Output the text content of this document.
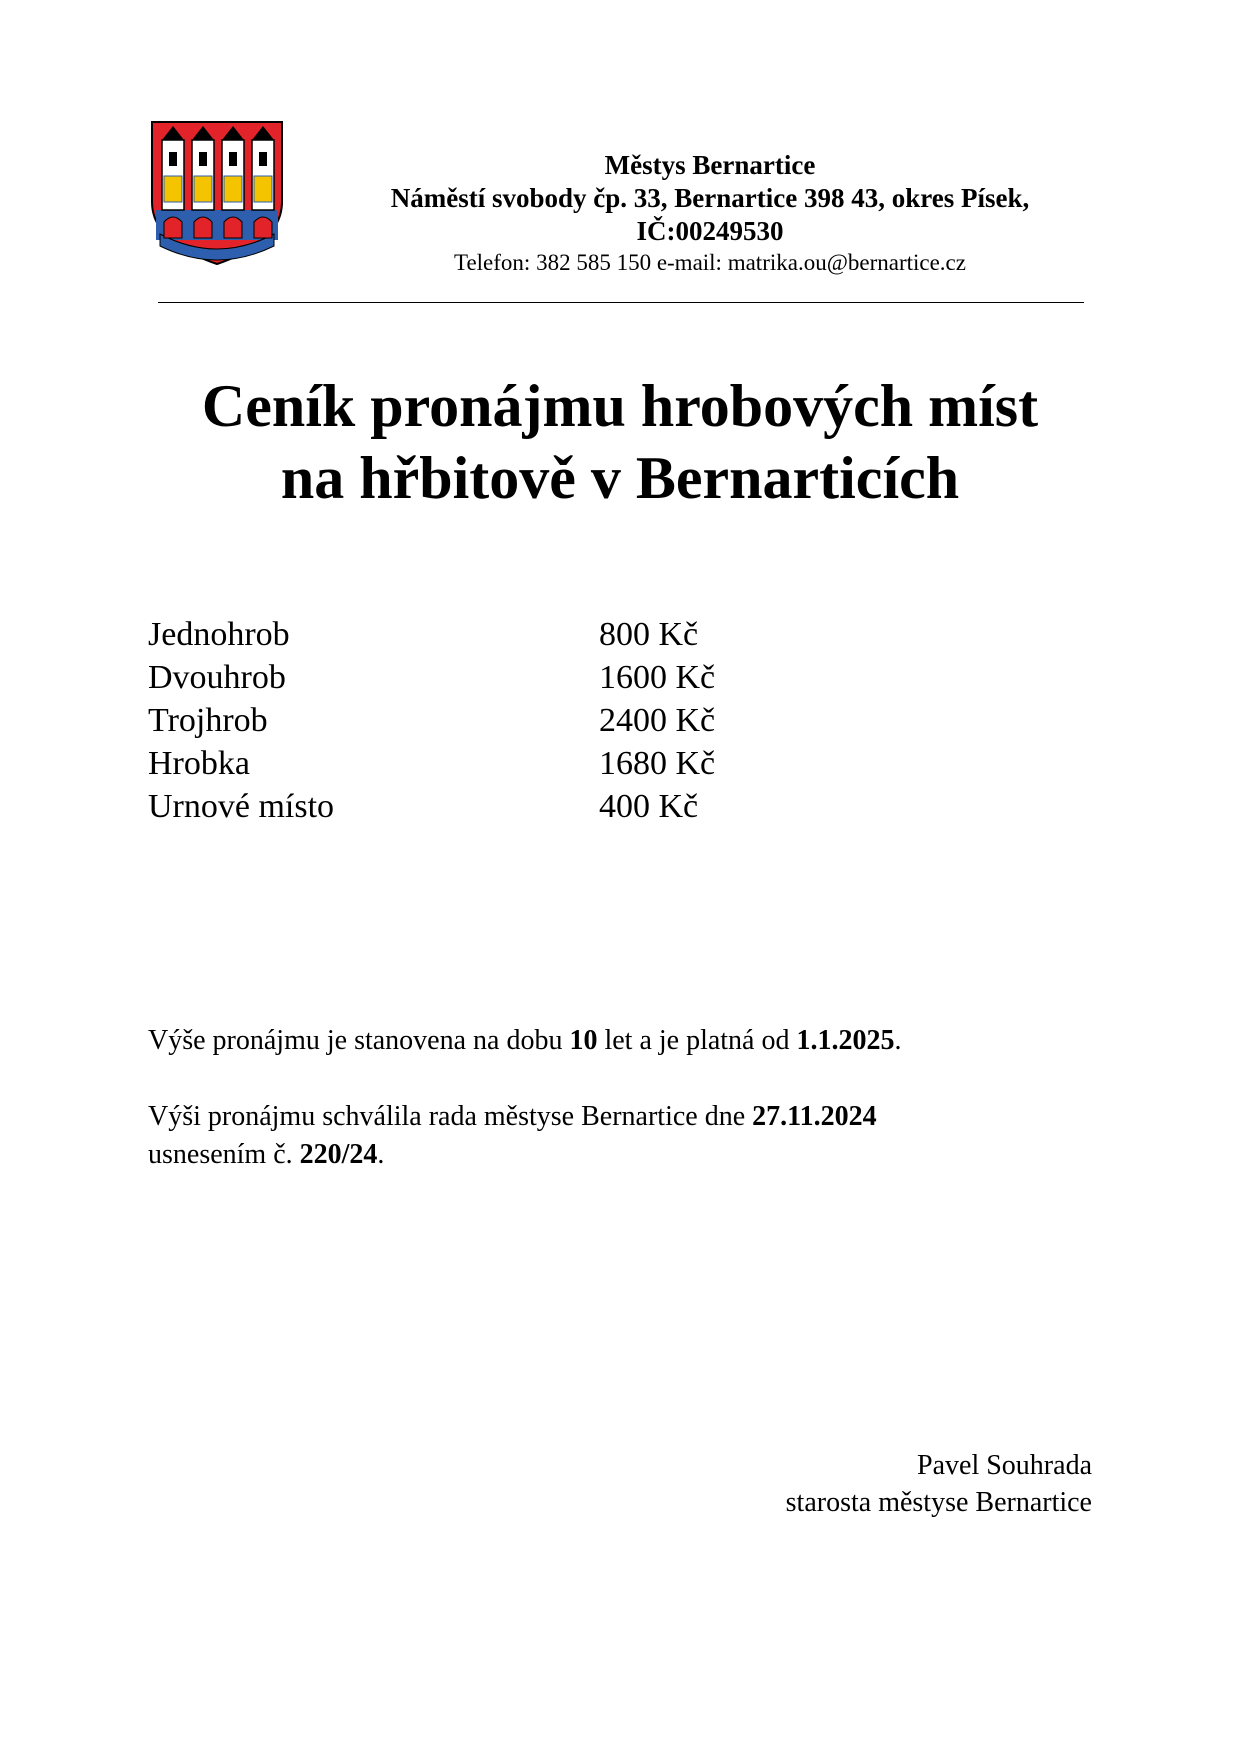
Městys Bernartice
Náměstí svobody čp. 33, Bernartice 398 43, okres Písek,
IČ:00249530
Telefon: 382 585 150 e-mail: matrika.ou@bernartice.cz
Ceník pronájmu hrobových míst
na hřbitově v Bernarticích
Jednohrob	800 Kč
Dvouhrob	1600 Kč
Trojhrob	2400 Kč
Hrobka	1680 Kč
Urnové místo	400 Kč
Výše pronájmu je stanovena na dobu 10 let a je platná od 1.1.2025.
Výši pronájmu schválila rada městyse Bernartice dne 27.11.2024
usnesením č. 220/24.
Pavel Souhrada
starosta městyse Bernartice
